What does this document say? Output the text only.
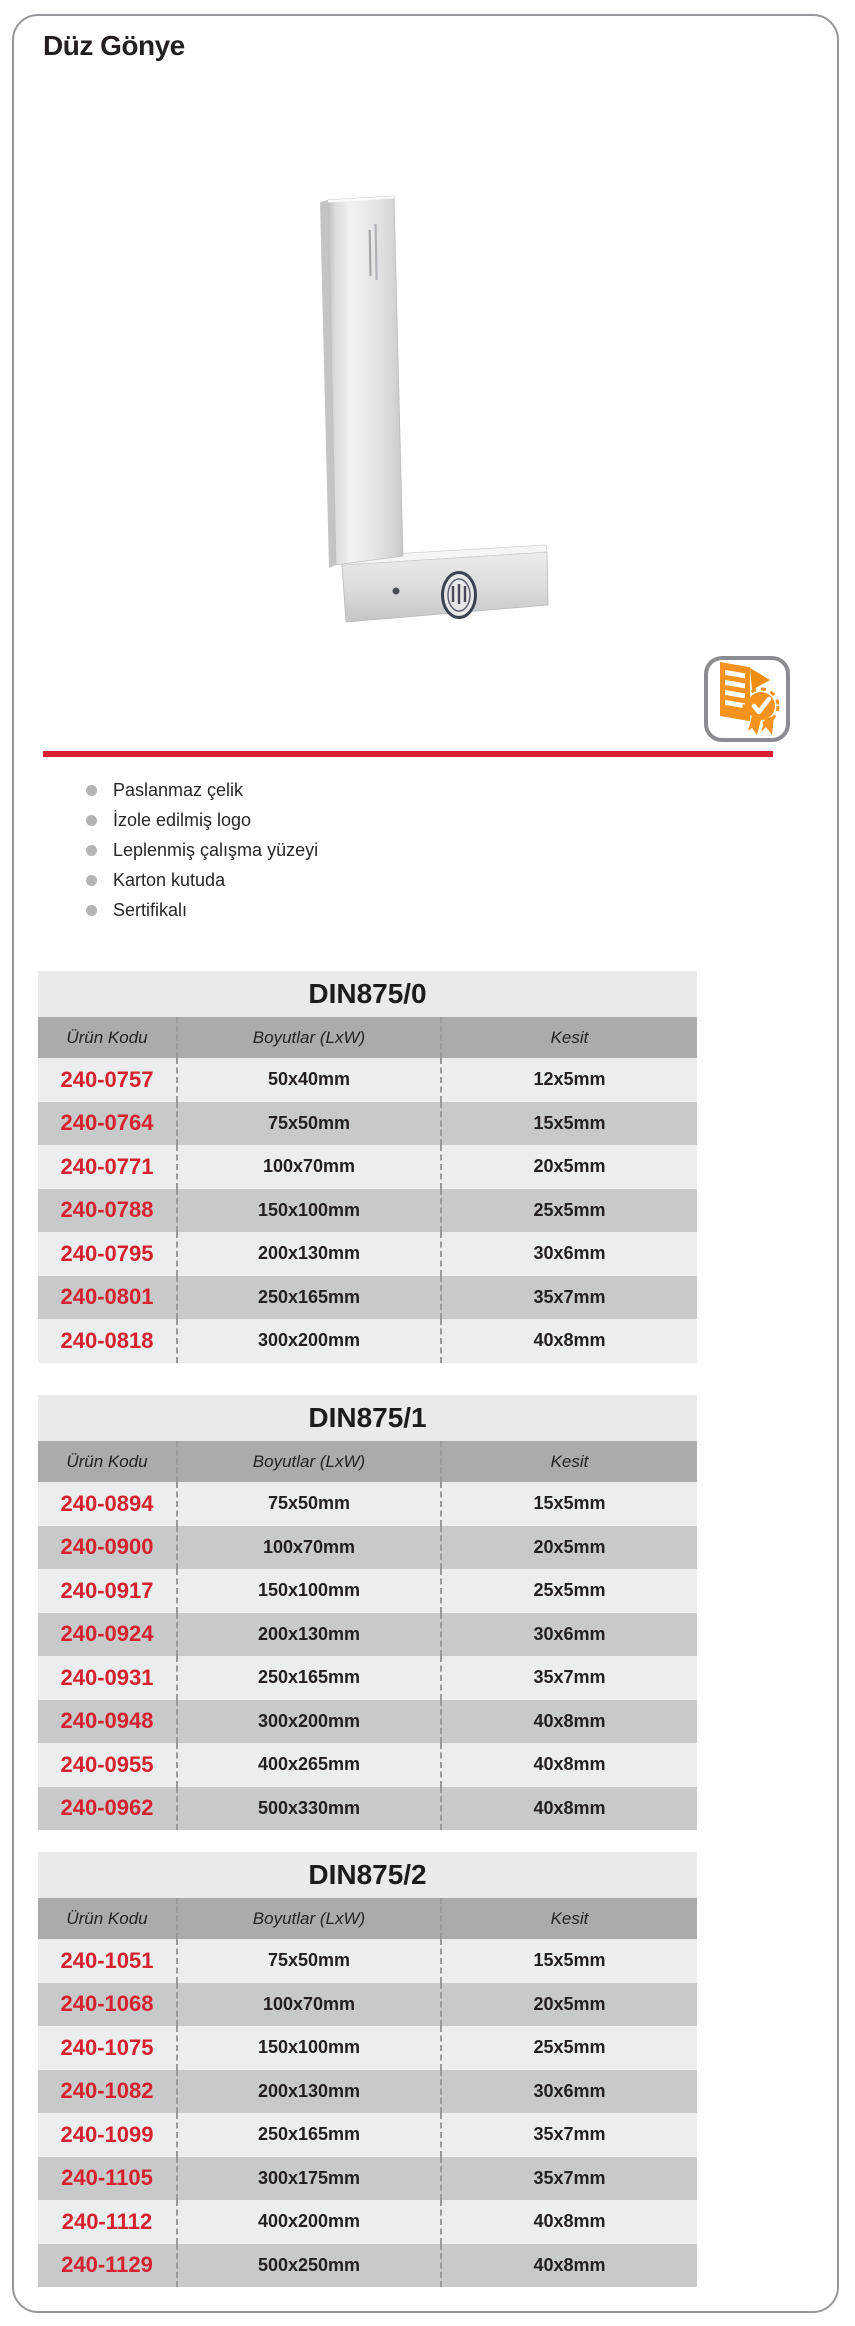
Düz Gönye
Paslanmaz çelik
İzole edilmiş logo
Leplenmiş çalışma yüzeyi
Karton kutuda
Sertifikalı
DIN875/0
Ürün Kodu	Boyutlar (LxW)	Kesit
240-0757	50x40mm	12x5mm
240-0764	75x50mm	15x5mm
240-0771	100x70mm	20x5mm
240-0788	150x100mm	25x5mm
240-0795	200x130mm	30x6mm
240-0801	250x165mm	35x7mm
240-0818	300x200mm	40x8mm
DIN875/1
Ürün Kodu	Boyutlar (LxW)	Kesit
240-0894	75x50mm	15x5mm
240-0900	100x70mm	20x5mm
240-0917	150x100mm	25x5mm
240-0924	200x130mm	30x6mm
240-0931	250x165mm	35x7mm
240-0948	300x200mm	40x8mm
240-0955	400x265mm	40x8mm
240-0962	500x330mm	40x8mm
DIN875/2
Ürün Kodu	Boyutlar (LxW)	Kesit
240-1051	75x50mm	15x5mm
240-1068	100x70mm	20x5mm
240-1075	150x100mm	25x5mm
240-1082	200x130mm	30x6mm
240-1099	250x165mm	35x7mm
240-1105	300x175mm	35x7mm
240-1112	400x200mm	40x8mm
240-1129	500x250mm	40x8mm
